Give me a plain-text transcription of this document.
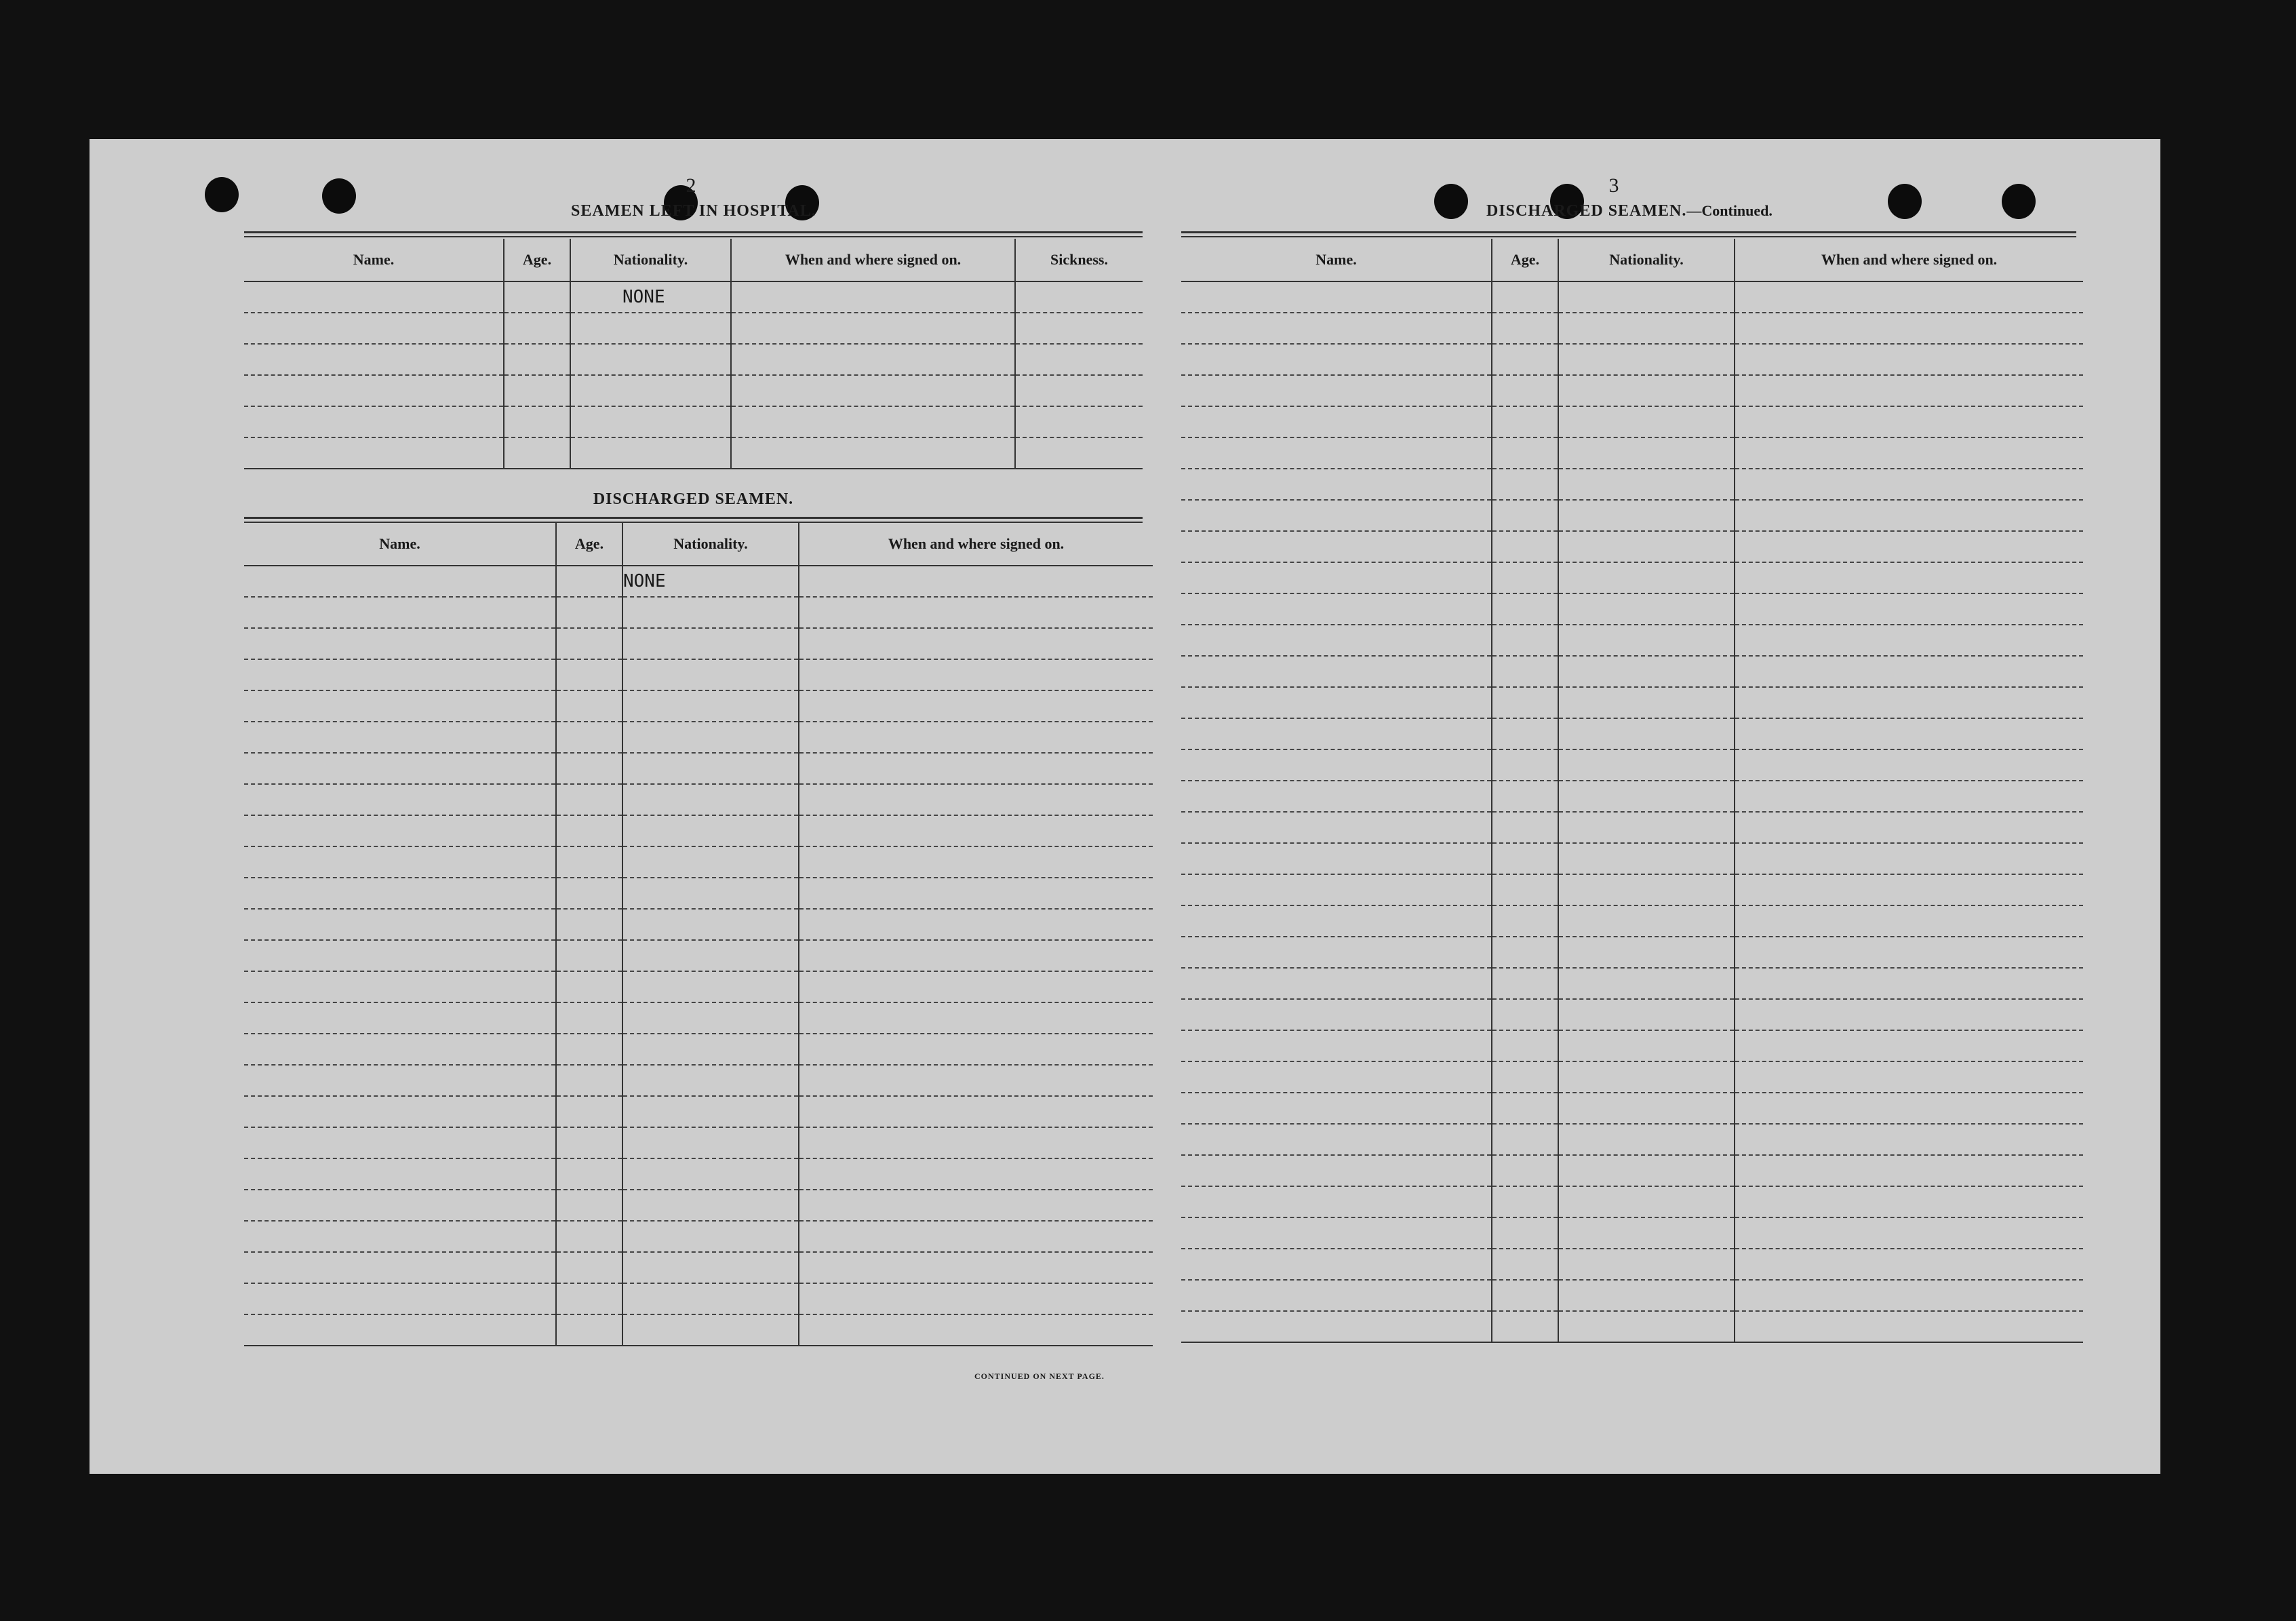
2
SEAMEN LEFT IN HOSPITAL.
Name.	Age.	Nationality.	When and where signed on.	Sickness.
		NONE		

DISCHARGED SEAMEN.
Name.	Age.	Nationality.	When and where signed on.
		NONE	

CONTINUED ON NEXT PAGE.
3
DISCHARGED SEAMEN.—Continued.
Name.	Age.	Nationality.	When and where signed on.
